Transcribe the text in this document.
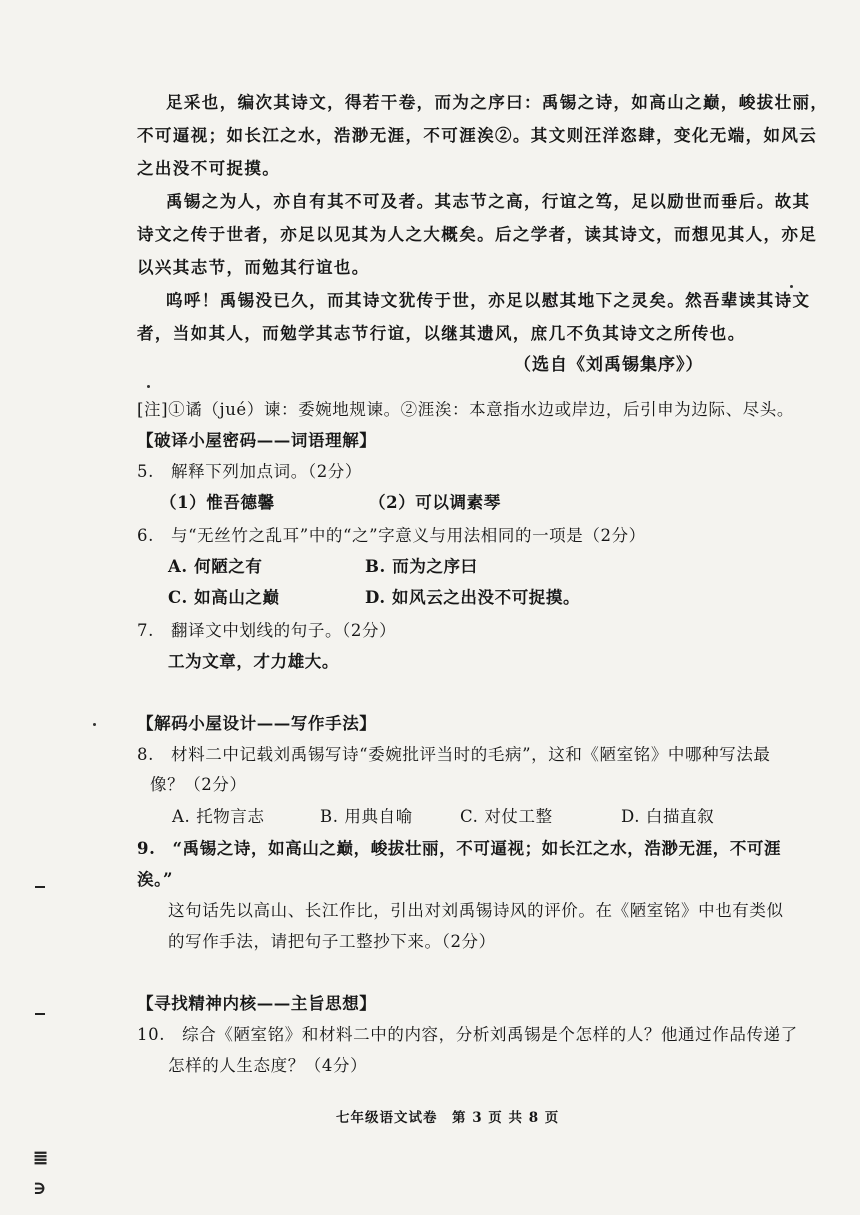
足采也，编次其诗文，得若干卷，而为之序曰：禹锡之诗，如高山之巅，峻拔壮丽，
不可逼视；如长江之水，浩渺无涯，不可涯涘②。其文则汪洋恣肆，变化无端，如风云
之出没不可捉摸。
禹锡之为人，亦自有其不可及者。其志节之高，行谊之笃，足以励世而垂后。故其
诗文之传于世者，亦足以见其为人之大概矣。后之学者，读其诗文，而想见其人，亦足
以兴其志节，而勉其行谊也。
呜呼！禹锡没已久，而其诗文犹传于世，亦足以慰其地下之灵矣。然吾辈读其诗文
者，当如其人，而勉学其志节行谊，以继其遗风，庶几不负其诗文之所传也。
（选自《刘禹锡集序》）
[注]①谲（jué）谏：委婉地规谏。②涯涘：本意指水边或岸边，后引申为边际、尽头。
【破译小屋密码——词语理解】
5.　解释下列加点词。（2分）
（1）惟吾德馨　　　　　　（2）可以调素琴
6.　与“无丝竹之乱耳”中的“之”字意义与用法相同的一项是（2分）
A. 何陋之有	B. 而为之序曰
C. 如高山之巅	D. 如风云之出没不可捉摸。
7.　翻译文中划线的句子。（2分）
工为文章，才力雄大。
【解码小屋设计——写作手法】
8.　材料二中记载刘禹锡写诗“委婉批评当时的毛病”，这和《陋室铭》中哪种写法最
像？（2分）
A. 托物言志	B. 用典自喻	C. 对仗工整	D. 白描直叙
9.　“禹锡之诗，如高山之巅，峻拔壮丽，不可逼视；如长江之水，浩渺无涯，不可涯
涘。”
这句话先以高山、长江作比，引出对刘禹锡诗风的评价。在《陋室铭》中也有类似
的写作手法，请把句子工整抄下来。（2分）
【寻找精神内核——主旨思想】
10.　综合《陋室铭》和材料二中的内容，分析刘禹锡是个怎样的人？他通过作品传递了
怎样的人生态度？（4分）
七年级语文试卷　第 3 页 共 8 页
≣
∋
